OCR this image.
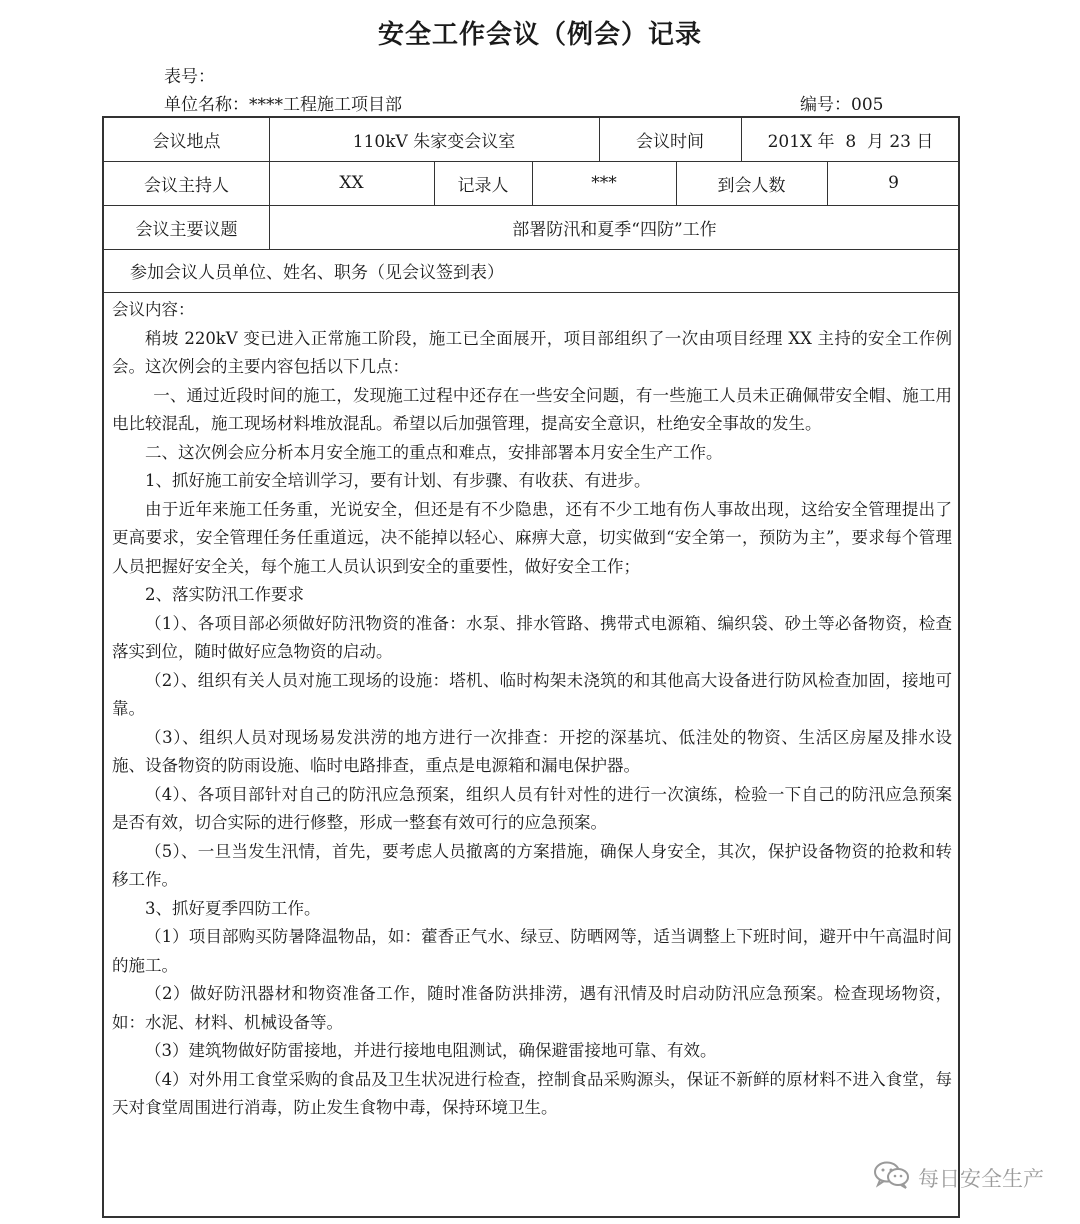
安全工作会议（例会）记录
表号：
单位名称：****工程施工项目部	编号：005
会议地点	110kV 朱家变会议室	会议时间	201X 年  8  月 23 日
会议主持人	XX	记录人	***	到会人数	9
会议主要议题	部署防汛和夏季“四防”工作
参加会议人员单位、姓名、职务（见会议签到表）

会议内容：

稍坡 220kV 变已进入正常施工阶段，施工已全面展开，项目部组织了一次由项目经理 XX 主持的安全工作例会。这次例会的主要内容包括以下几点：

一、通过近段时间的施工，发现施工过程中还存在一些安全问题，有一些施工人员未正确佩带安全帽、施工用电比较混乱，施工现场材料堆放混乱。希望以后加强管理，提高安全意识，杜绝安全事故的发生。

二、这次例会应分析本月安全施工的重点和难点，安排部署本月安全生产工作。

1、抓好施工前安全培训学习，要有计划、有步骤、有收获、有进步。

由于近年来施工任务重，光说安全，但还是有不少隐患，还有不少工地有伤人事故出现，这给安全管理提出了更高要求，安全管理任务任重道远，决不能掉以轻心、麻痹大意，切实做到“安全第一，预防为主”，要求每个管理人员把握好安全关，每个施工人员认识到安全的重要性，做好安全工作；

2、落实防汛工作要求

（1）、各项目部必须做好防汛物资的准备：水泵、排水管路、携带式电源箱、编织袋、砂土等必备物资，检查落实到位，随时做好应急物资的启动。

（2）、组织有关人员对施工现场的设施：塔机、临时构架未浇筑的和其他高大设备进行防风检查加固，接地可靠。

（3）、组织人员对现场易发洪涝的地方进行一次排查：开挖的深基坑、低洼处的物资、生活区房屋及排水设施、设备物资的防雨设施、临时电路排查，重点是电源箱和漏电保护器。

（4）、各项目部针对自己的防汛应急预案，组织人员有针对性的进行一次演练，检验一下自己的防汛应急预案是否有效，切合实际的进行修整，形成一整套有效可行的应急预案。

（5）、一旦当发生汛情，首先，要考虑人员撤离的方案措施，确保人身安全，其次，保护设备物资的抢救和转移工作。

3、抓好夏季四防工作。

（1）项目部购买防暑降温物品，如：藿香正气水、绿豆、防晒网等，适当调整上下班时间，避开中午高温时间的施工。

（2）做好防汛器材和物资准备工作，随时准备防洪排涝，遇有汛情及时启动防汛应急预案。检查现场物资，如：水泥、材料、机械设备等。

（3）建筑物做好防雷接地，并进行接地电阻测试，确保避雷接地可靠、有效。

（4）对外用工食堂采购的食品及卫生状况进行检查，控制食品采购源头，保证不新鲜的原材料不进入食堂，每天对食堂周围进行消毒，防止发生食物中毒，保持环境卫生。

每日安全生产
